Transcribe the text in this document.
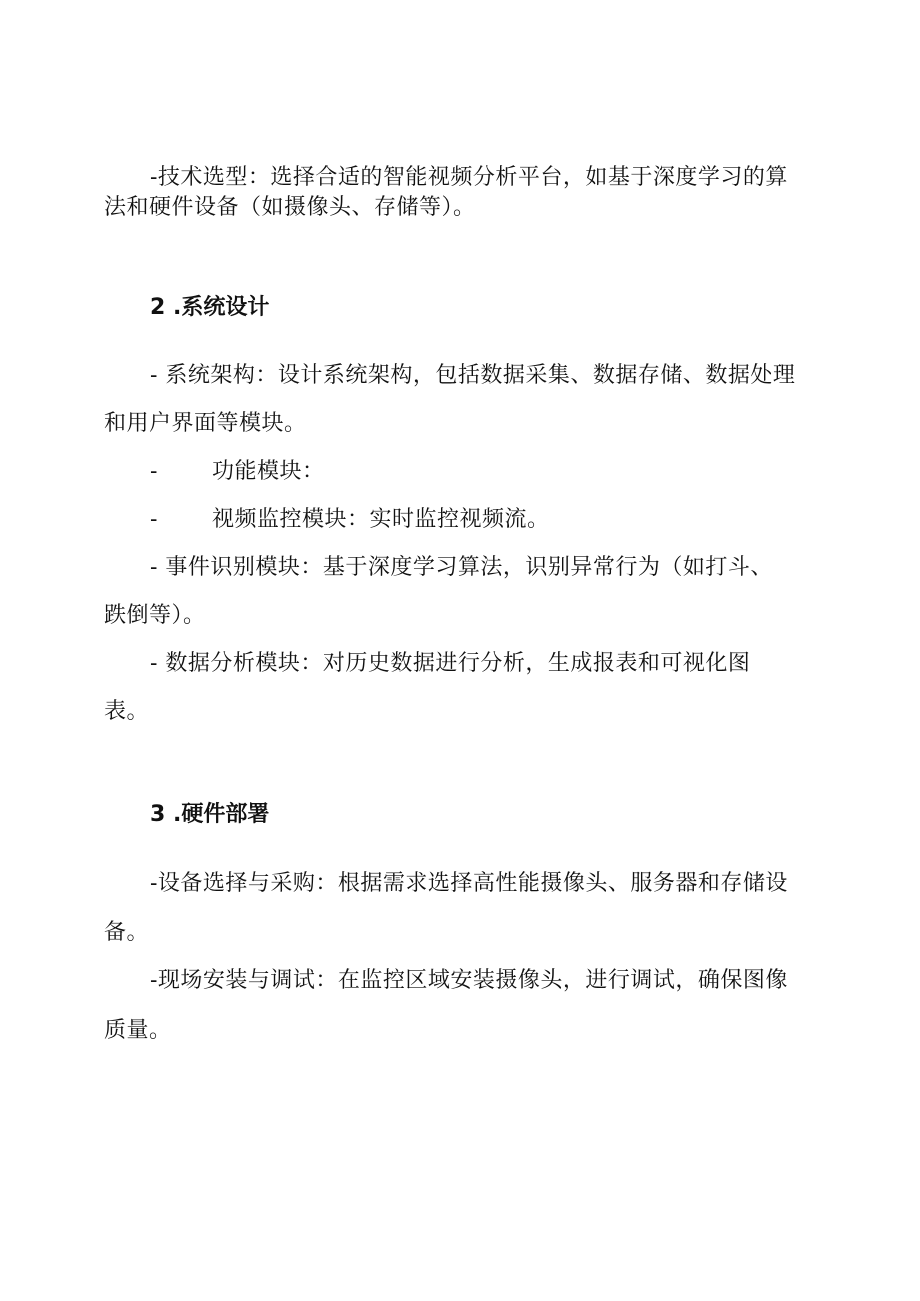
-技术选型：选择合适的智能视频分析平台，如基于深度学习的算
法和硬件设备（如摄像头、存储等）。
2 .系统设计
- 系统架构：设计系统架构，包括数据采集、数据存储、数据处理
和用户界面等模块。
- 功能模块：
- 视频监控模块：实时监控视频流。
- 事件识别模块：基于深度学习算法，识别异常行为（如打斗、
跌倒等）。
- 数据分析模块：对历史数据进行分析，生成报表和可视化图
表。
3 .硬件部署
-设备选择与采购：根据需求选择高性能摄像头、服务器和存储设
备。
-现场安装与调试：在监控区域安装摄像头，进行调试，确保图像
质量。
